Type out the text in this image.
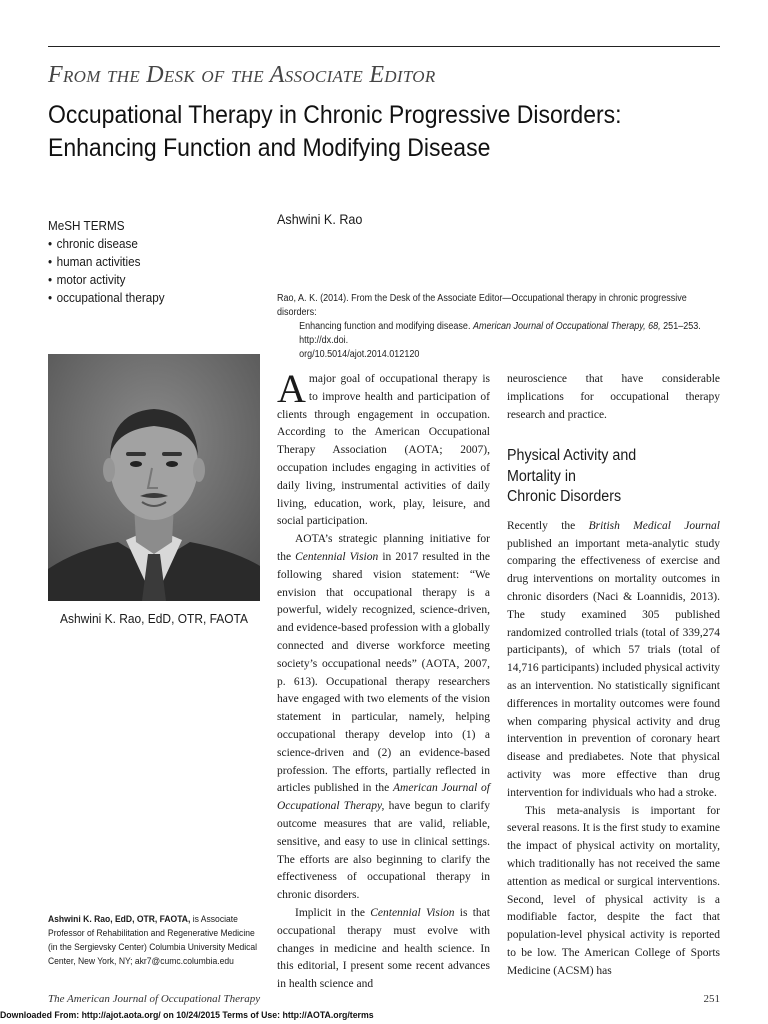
From the Desk of the Associate Editor
Occupational Therapy in Chronic Progressive Disorders:
Enhancing Function and Modifying Disease
MeSH TERMS
• chronic disease
• human activities
• motor activity
• occupational therapy
Ashwini K. Rao
Rao, A. K. (2014). From the Desk of the Associate Editor—Occupational therapy in chronic progressive disorders:
Enhancing function and modifying disease. American Journal of Occupational Therapy, 68, 251–253. http://dx.doi.
org/10.5014/ajot.2014.012120
Ashwini K. Rao, EdD, OTR, FAOTA
Ashwini K. Rao, EdD, OTR, FAOTA, is Associate Professor of Rehabilitation and Regenerative Medicine (in the Sergievsky Center) Columbia University Medical Center, New York, NY; akr7@cumc.columbia.edu

A major goal of occupational therapy is to improve health and participation of clients through engagement in occupation. According to the American Occupational Therapy Association (AOTA; 2007), occupation includes engaging in activities of daily living, instrumental activities of daily living, education, work, play, leisure, and social participation.

AOTA’s strategic planning initiative for the Centennial Vision in 2017 resulted in the following shared vision statement: “We envision that occupational therapy is a powerful, widely recognized, science-driven, and evidence-based profession with a globally connected and diverse workforce meeting society’s occupational needs” (AOTA, 2007, p. 613). Occupational therapy researchers have engaged with two elements of the vision statement in particular, namely, helping occupational therapy develop into (1) a science-driven and (2) an evidence-based profession. The efforts, partially reflected in articles published in the American Journal of Occupational Therapy, have begun to clarify outcome measures that are valid, reliable, sensitive, and easy to use in clinical settings. The efforts are also beginning to clarify the effectiveness of occupational therapy in chronic disorders.

Implicit in the Centennial Vision is that occupational therapy must evolve with changes in medicine and health science. In this editorial, I present some recent advances in health science and

neuroscience that have considerable implications for occupational therapy research and practice.

Physical Activity and
Mortality in
Chronic Disorders

Recently the British Medical Journal published an important meta-analytic study comparing the effectiveness of exercise and drug interventions on mortality outcomes in chronic disorders (Naci & Loannidis, 2013). The study examined 305 published randomized controlled trials (total of 339,274 participants), of which 57 trials (total of 14,716 participants) included physical activity as an intervention. No statistically significant differences in mortality outcomes were found when comparing physical activity and drug intervention in prevention of coronary heart disease and prediabetes. Note that physical activity was more effective than drug intervention for individuals who had a stroke.

This meta-analysis is important for several reasons. It is the first study to examine the impact of physical activity on mortality, which traditionally has not received the same attention as medical or surgical interventions. Second, level of physical activity is a modifiable factor, despite the fact that population-level physical activity is reported to be low. The American College of Sports Medicine (ACSM) has

The American Journal of Occupational Therapy	251
Downloaded From: http://ajot.aota.org/ on 10/24/2015 Terms of Use: http://AOTA.org/terms
